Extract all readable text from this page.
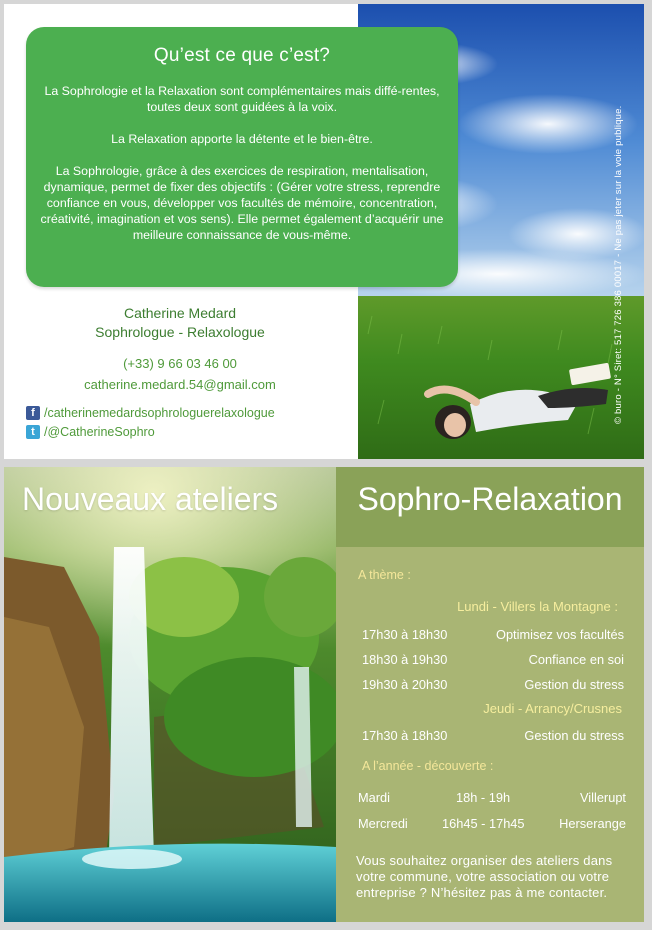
Qu’est ce que c’est?

La Sophrologie et la Relaxation sont complémentaires mais diffé-rentes, toutes deux sont guidées à la voix.

La Relaxation apporte la détente et le bien-être.

La Sophrologie, grâce à des exercices de respiration, mentalisation, dynamique, permet de fixer des objectifs : (Gérer votre stress, reprendre confiance en vous, développer vos facultés de mémoire, concentration, créativité, imagination et vos sens). Elle permet également d’acquérir une meilleure connaissance de vous-même.

Catherine Medard
Sophrologue - Relaxologue
(+33) 9 66 03 46 00
catherine.medard.54@gmail.com
f /catherinemedardsophrologuerelaxologue
t /@CatherineSophro
© buro - N° Siret: 517 726 386 00017 - Ne pas jeter sur la voie publique.
Nouveaux ateliers	Sophro-Relaxation
A thème :
Lundi - Villers la Montagne :
17h30 à 18h30	Optimisez vos facultés
18h30 à 19h30	Confiance en soi
19h30 à 20h30	Gestion du stress
Jeudi - Arrancy/Crusnes
17h30 à 18h30	Gestion du stress
A l’année - découverte :
Mardi	18h - 19h	Villerupt
Mercredi	16h45 - 17h45	Herserange
Vous souhaitez organiser des ateliers dans votre commune, votre association ou votre entreprise ? N’hésitez pas à me contacter.
